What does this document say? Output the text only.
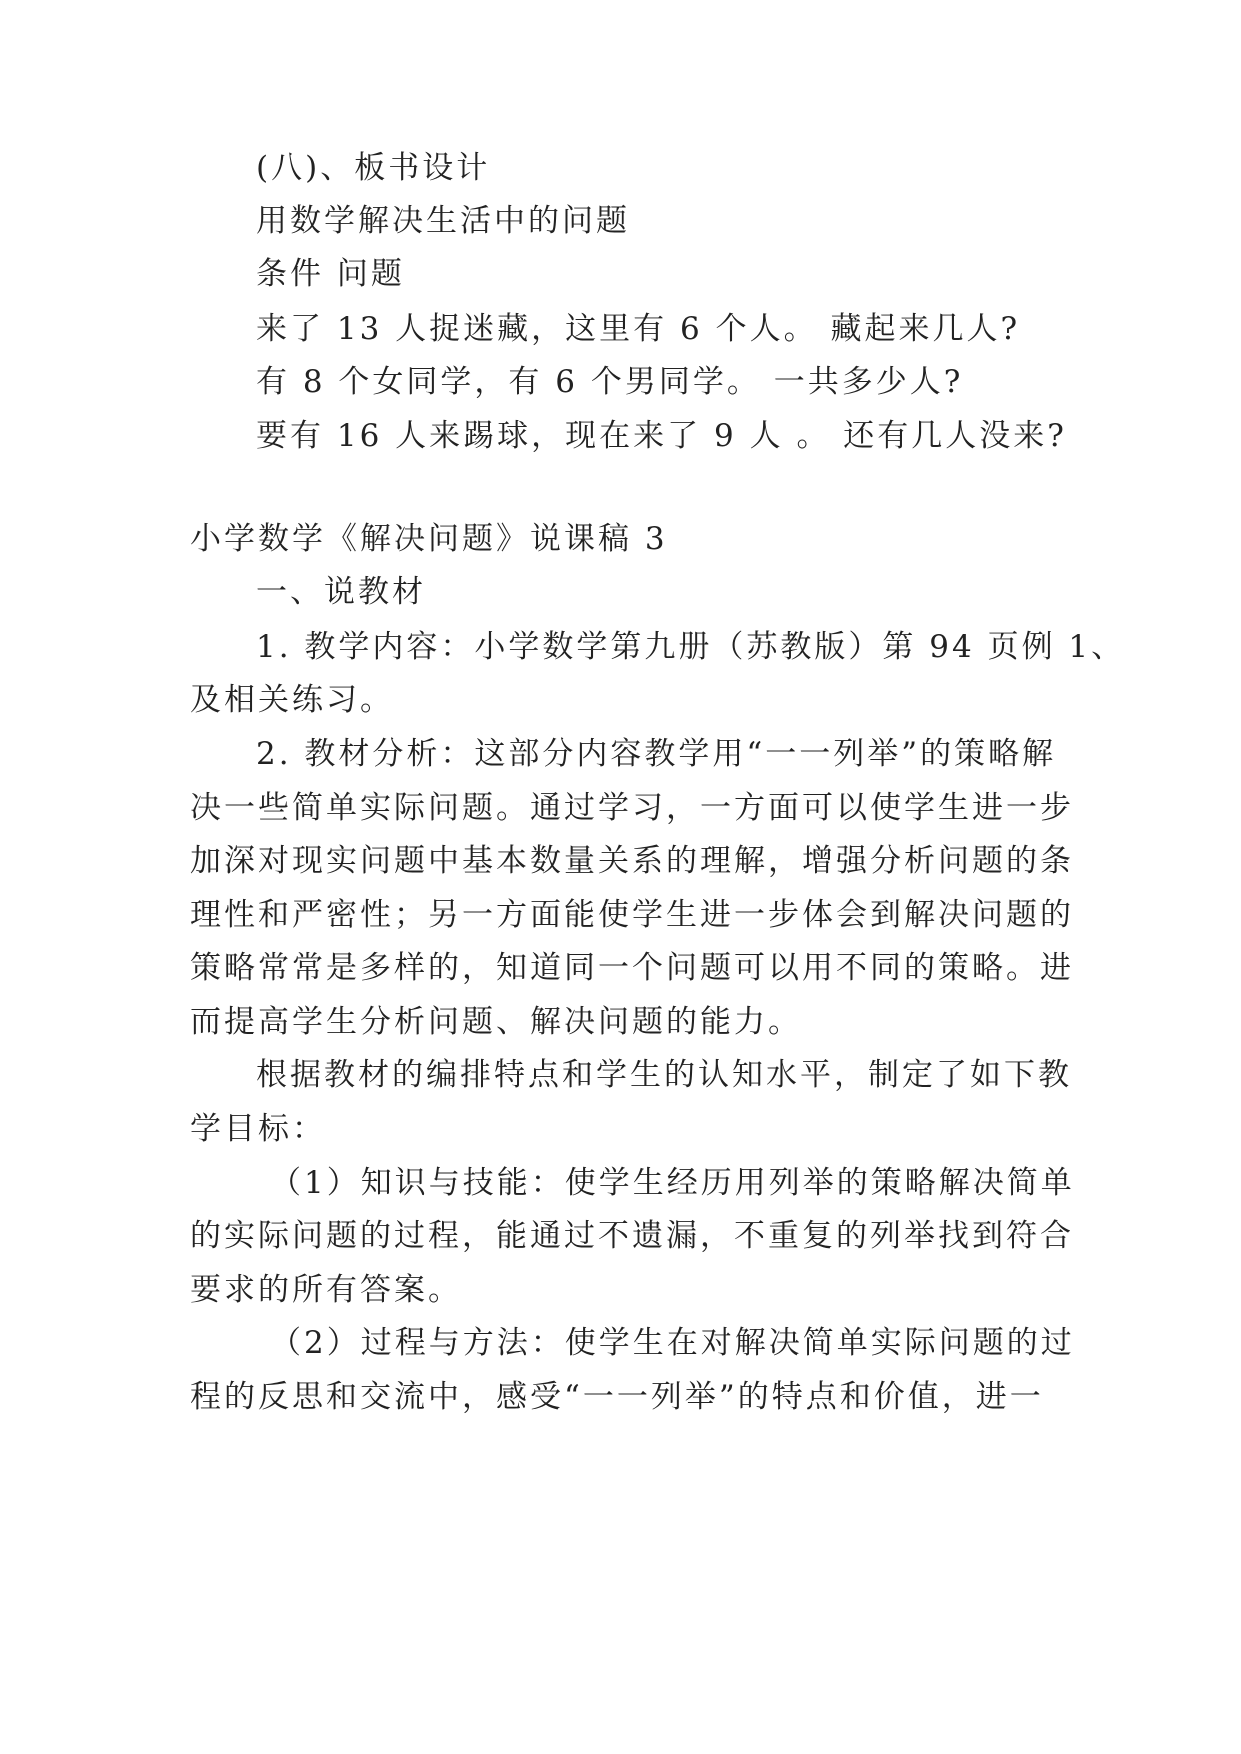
(八)、板书设计
用数学解决生活中的问题
条件 问题
来了 13 人捉迷藏，这里有 6 个人。 藏起来几人?
有 8 个女同学，有 6 个男同学。 一共多少人?
要有 16 人来踢球，现在来了 9 人 。 还有几人没来?
小学数学《解决问题》说课稿 3
一、说教材
1. 教学内容：小学数学第九册（苏教版）第 94 页例 1、
及相关练习。
2. 教材分析：这部分内容教学用“一一列举”的策略解
决一些简单实际问题。通过学习，一方面可以使学生进一步
加深对现实问题中基本数量关系的理解，增强分析问题的条
理性和严密性；另一方面能使学生进一步体会到解决问题的
策略常常是多样的，知道同一个问题可以用不同的策略。进
而提高学生分析问题、解决问题的能力。
根据教材的编排特点和学生的认知水平，制定了如下教
学目标：
（1）知识与技能：使学生经历用列举的策略解决简单
的实际问题的过程，能通过不遗漏，不重复的列举找到符合
要求的所有答案。
（2）过程与方法：使学生在对解决简单实际问题的过
程的反思和交流中，感受“一一列举”的特点和价值，进一
